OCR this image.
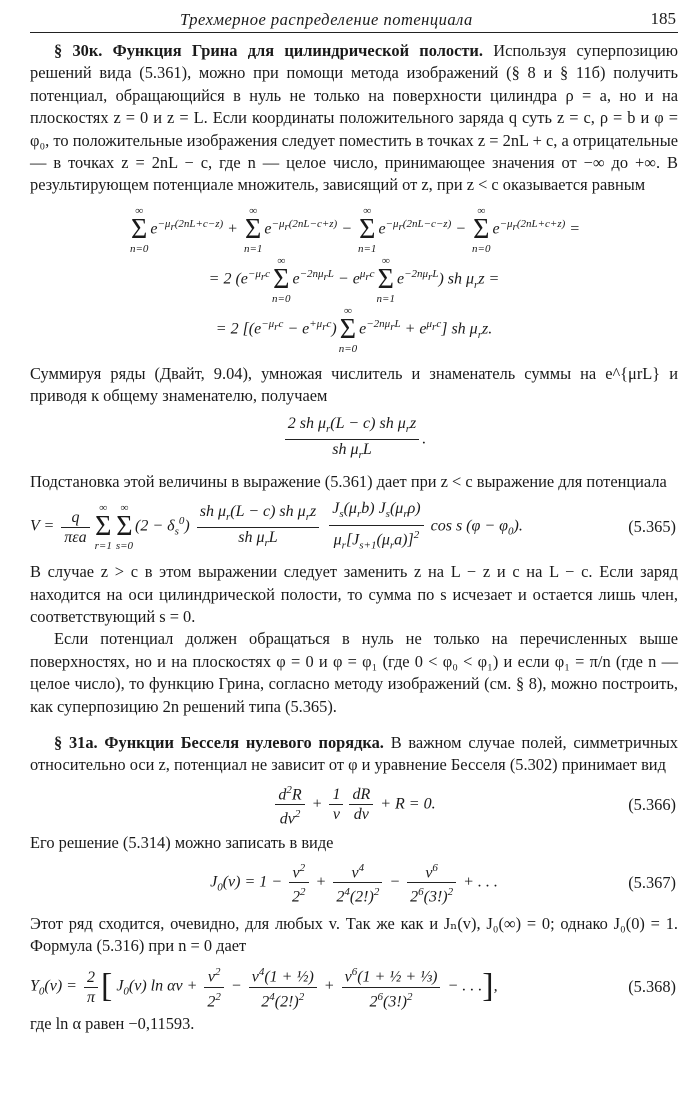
Трехмерное распределение потенциала	185

§ 30к. Функция Грина для цилиндрической полости. Используя суперпозицию решений вида (5.361), можно при помощи метода изображений (§ 8 и § 11б) получить потенциал, обращающийся в нуль не только на поверхности цилиндра ρ = a, но и на плоскостях z = 0 и z = L. Если координаты положительного заряда q суть z = c, ρ = b и φ = φ₀, то положительные изображения следует поместить в точках z = 2nL + c, а отрицательные — в точках z = 2nL − c, где n — целое число, принимающее значения от −∞ до +∞. В результирующем потенциале множитель, зависящий от z, при z < c оказывается равным

∞
Σ
n=0
$e^{-\mu_r(2nL+c-z)}$ +
∞
Σ
n=1
$e^{-\mu_r(2nL-c+z)}$ −
∞
Σ
n=1
$e^{-\mu_r(2nL-c-z)}$ −
∞
Σ
n=0
$e^{-\mu_r(2nL+c+z)}$ =
= 2 ($e^{-\mu_rc}$
∞
Σ
n=0
$e^{-2n\mu_rL} - e^{\mu_rc}$
∞
Σ
n=1
$e^{-2n\mu_rL}$) sh $\mu_rz$ =
= 2 [$(e^{-\mu_rc} - e^{+\mu_rc})$
∞
Σ
n=0
$e^{-2n\mu_rL} + e^{\mu_rc}$] sh $\mu_rz$.

Суммируя ряды (Двайт, 9.04), умножая числитель и знаменатель суммы на e^{μrL} и приводя к общему знаменателю, получаем

$\frac{2 sh \mu_r(L - c) sh \mu_rz}{sh \mu_rL}$ .

Подстановка этой величины в выражение (5.361) дает при z < c выражение для потенциала

$V = \frac{q}{\text{πεa}}$ ∞
Σ
r=1
∞
Σ
s=0
$(2 - \delta_s^0) \frac{sh \mu_r(L - c) sh \mu_rz}{sh \mu_rL}$
$\frac{J_s(\mu_rb) J_s(\mu_r\rho)}{\mu_r[J_{s+1}(\mu_ra)]^2}$ cos s $(\varphi - \varphi_0)$.	(5.365)

В случае z > c в этом выражении следует заменить z на L − z и c на L − c. Если заряд находится на оси цилиндрической полости, то сумма по s исчезает и остается лишь член, соответствующий s = 0.

Если потенциал должен обращаться в нуль не только на перечисленных выше поверхностях, но и на плоскостях φ = 0 и φ = φ₁ (где 0 < φ₀ < φ₁) и если φ₁ = π/n (где n — целое число), то функцию Грина, согласно методу изображений (см. § 8), можно построить, как суперпозицию 2n решений типа (5.365).

§ 31а. Функции Бесселя нулевого порядка. В важном случае полей, симметричных относительно оси z, потенциал не зависит от φ и уравнение Бесселя (5.302) принимает вид

$\frac{d^2R}{dv^2} + \frac{1}{v} \frac{dR}{dv} + R = 0$.	(5.366)

Его решение (5.314) можно записать в виде

$J_0(v) = 1 - \frac{v^2}{2^2} + \frac{v^4}{2^4(2!)^2} - \frac{v^6}{2^6(3!)^2}$ + . . .	(5.367)

Этот ряд сходится, очевидно, для любых v. Так же как и Jₙ(v), J₀(∞) = 0; однако J₀(0) = 1. Формула (5.316) при n = 0 дает

$Y_0(v) = \frac{2}{\pi}$ [ $J_0(v)$ $\ln \alpha v + \frac{v^2}{2^2} - \frac{v^4(1 + \frac{1}{2})}{2^4(2!)^2} + \frac{v^6(1 + \frac{1}{2} + \frac{1}{3})}{2^6(3!)^2}$ − . . .],	(5.368)

где ln α равен −0,11593.
